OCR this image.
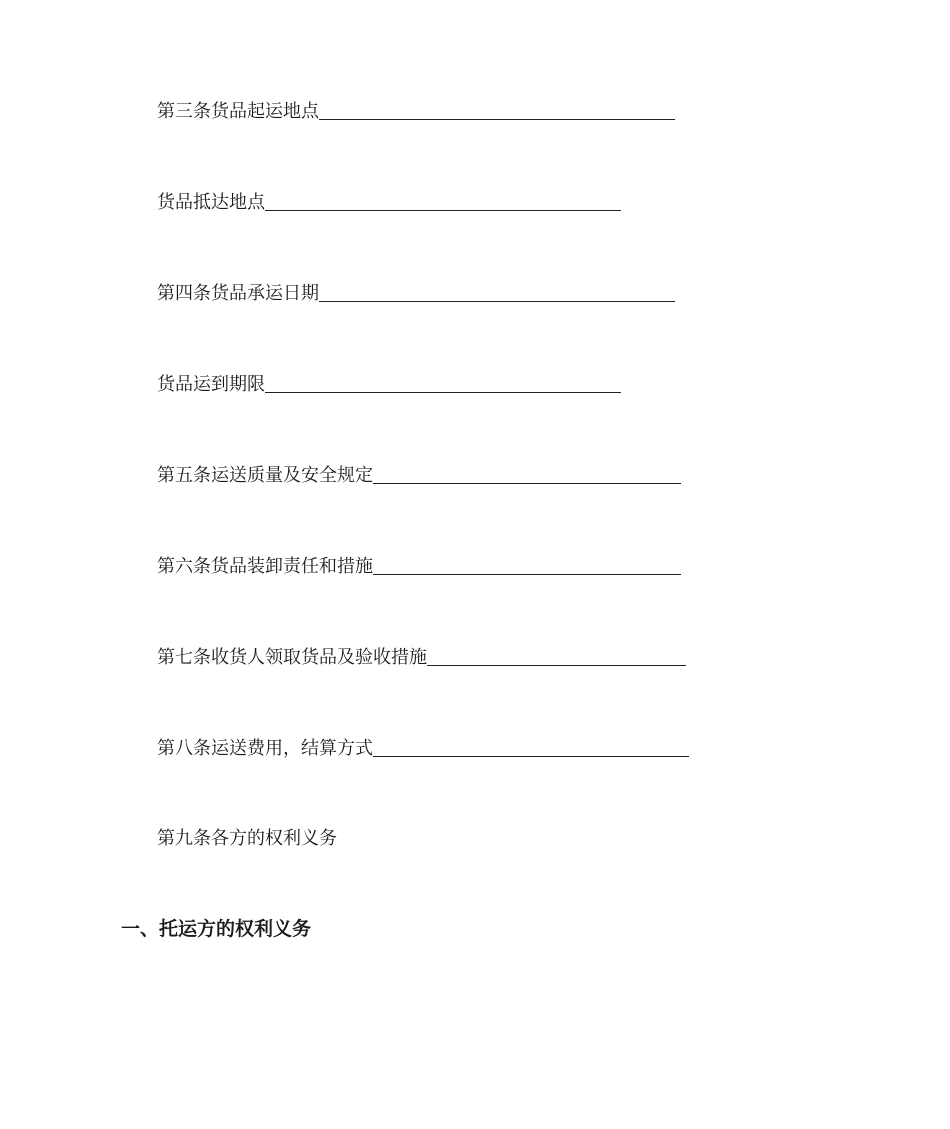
第三条货品起运地点
货品抵达地点
第四条货品承运日期
货品运到期限
第五条运送质量及安全规定
第六条货品装卸责任和措施
第七条收货人领取货品及验收措施
第八条运送费用，结算方式
第九条各方的权利义务
一、托运方的权利义务
